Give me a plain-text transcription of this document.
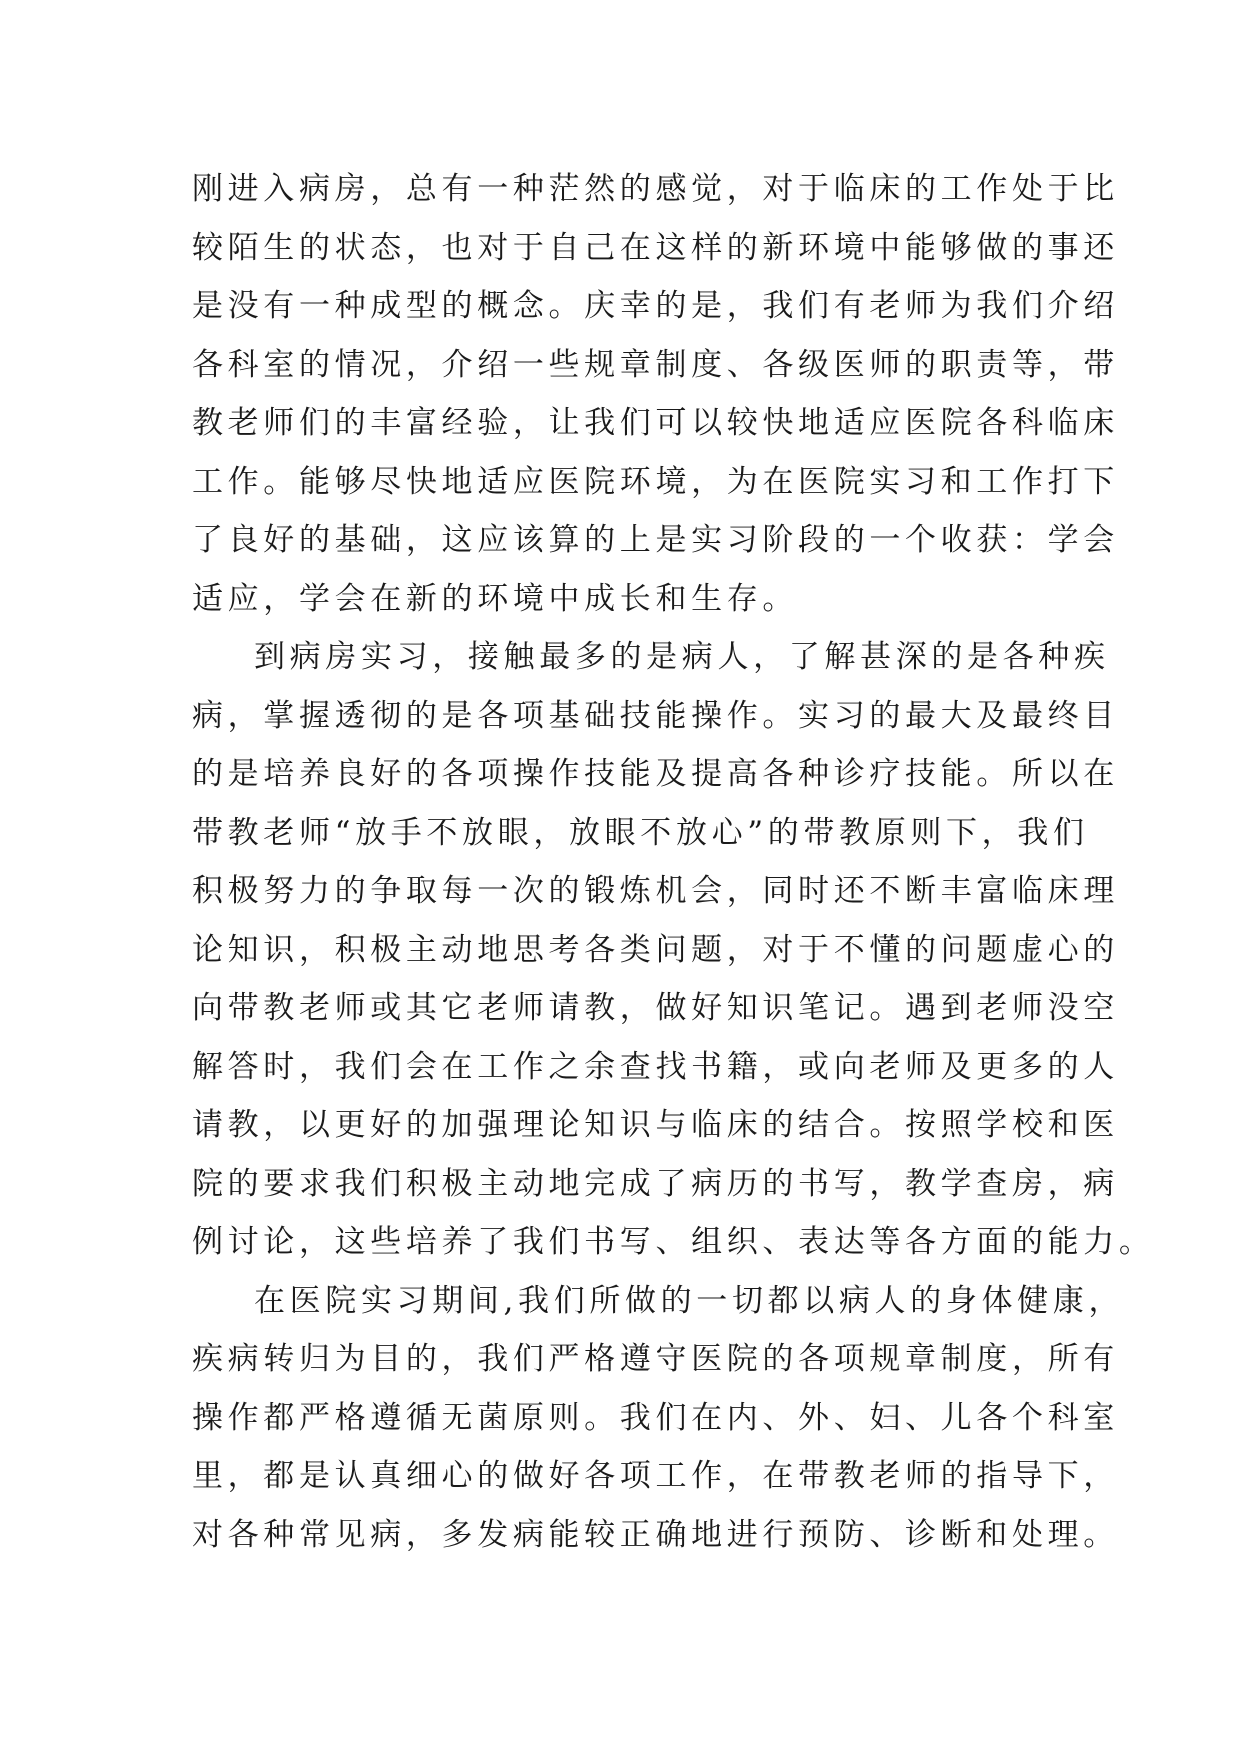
刚进入病房，总有一种茫然的感觉，对于临床的工作处于比
较陌生的状态，也对于自己在这样的新环境中能够做的事还
是没有一种成型的概念。庆幸的是，我们有老师为我们介绍
各科室的情况，介绍一些规章制度、各级医师的职责等，带
教老师们的丰富经验，让我们可以较快地适应医院各科临床
工作。能够尽快地适应医院环境，为在医院实习和工作打下
了良好的基础，这应该算的上是实习阶段的一个收获：学会
适应，学会在新的环境中成长和生存。
到病房实习，接触最多的是病人，了解甚深的是各种疾
病，掌握透彻的是各项基础技能操作。实习的最大及最终目
的是培养良好的各项操作技能及提高各种诊疗技能。所以在
带教老师“放手不放眼，放眼不放心”的带教原则下，我们
积极努力的争取每一次的锻炼机会，同时还不断丰富临床理
论知识，积极主动地思考各类问题，对于不懂的问题虚心的
向带教老师或其它老师请教，做好知识笔记。遇到老师没空
解答时，我们会在工作之余查找书籍，或向老师及更多的人
请教，以更好的加强理论知识与临床的结合。按照学校和医
院的要求我们积极主动地完成了病历的书写，教学查房，病
例讨论，这些培养了我们书写、组织、表达等各方面的能力。
在医院实习期间,我们所做的一切都以病人的身体健康，
疾病转归为目的，我们严格遵守医院的各项规章制度，所有
操作都严格遵循无菌原则。我们在内、外、妇、儿各个科室
里，都是认真细心的做好各项工作，在带教老师的指导下，
对各种常见病，多发病能较正确地进行预防、诊断和处理。
